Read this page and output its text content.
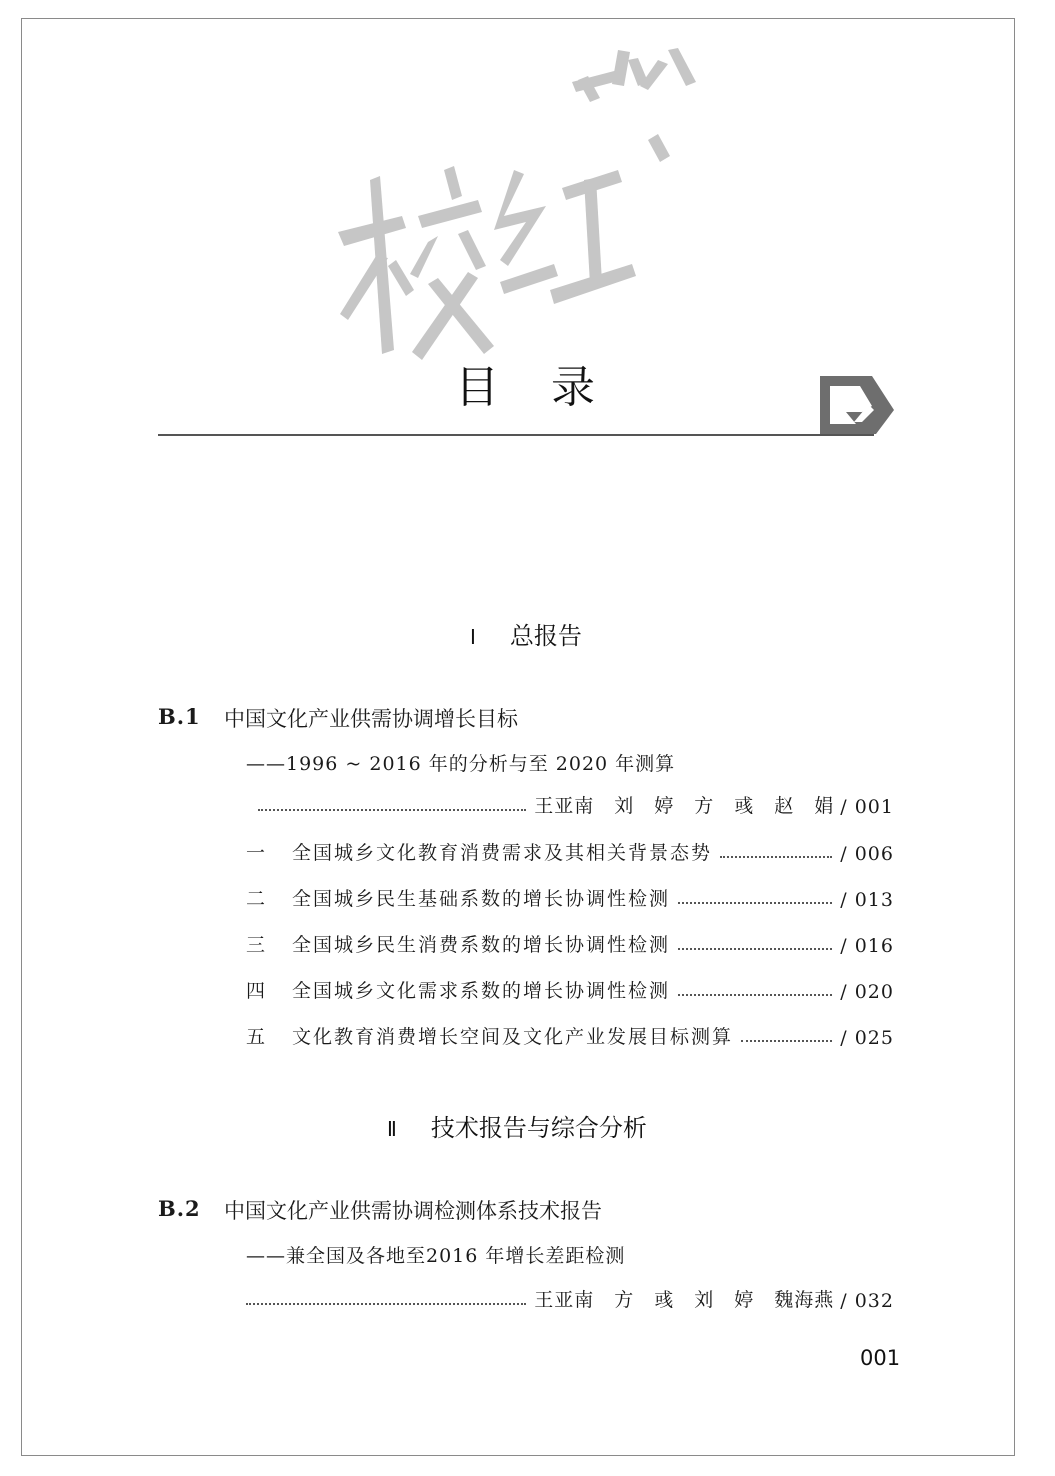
目录
Ⅰ 总报告
B.1 中国文化产业供需协调增长目标
——1996 ~ 2016 年的分析与至 2020 年测算
王亚南　刘　婷　方　彧　赵　娟 / 001
一	全国城乡文化教育消费需求及其相关背景态势	/ 006
二	全国城乡民生基础系数的增长协调性检测	/ 013
三	全国城乡民生消费系数的增长协调性检测	/ 016
四	全国城乡文化需求系数的增长协调性检测	/ 020
五	文化教育消费增长空间及文化产业发展目标测算	/ 025
Ⅱ 技术报告与综合分析
B.2 中国文化产业供需协调检测体系技术报告
——兼全国及各地至2016 年增长差距检测
王亚南　方　彧　刘　婷　魏海燕 / 032
001
